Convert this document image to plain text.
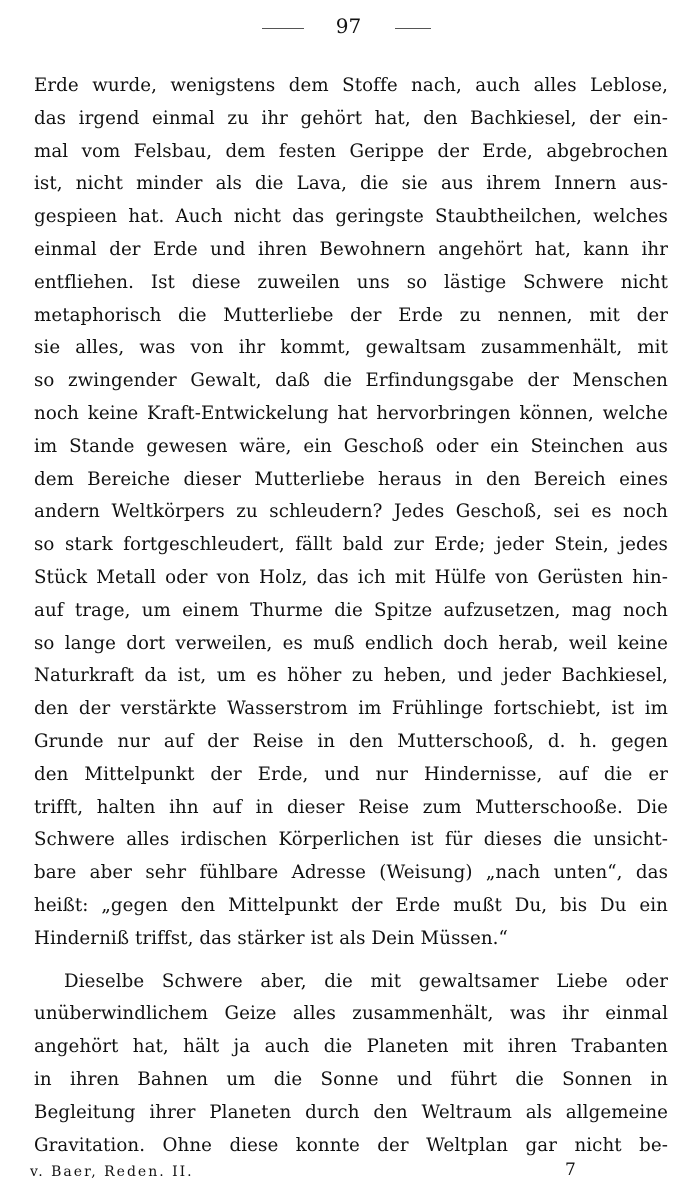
97
Erde wurde, wenigstens dem Stoffe nach, auch alles Leblose,
das irgend einmal zu ihr gehört hat, den Bachkiesel, der ein-
mal vom Felsbau, dem festen Gerippe der Erde, abgebrochen
ist, nicht minder als die Lava, die sie aus ihrem Innern aus-
gespieen hat. Auch nicht das geringste Staubtheilchen, welches
einmal der Erde und ihren Bewohnern angehört hat, kann ihr
entfliehen. Ist diese zuweilen uns so lästige Schwere nicht
metaphorisch die Mutterliebe der Erde zu nennen, mit der
sie alles, was von ihr kommt, gewaltsam zusammenhält, mit
so zwingender Gewalt, daß die Erfindungsgabe der Menschen
noch keine Kraft-Entwickelung hat hervorbringen können, welche
im Stande gewesen wäre, ein Geschoß oder ein Steinchen aus
dem Bereiche dieser Mutterliebe heraus in den Bereich eines
andern Weltkörpers zu schleudern? Jedes Geschoß, sei es noch
so stark fortgeschleudert, fällt bald zur Erde; jeder Stein, jedes
Stück Metall oder von Holz, das ich mit Hülfe von Gerüsten hin-
auf trage, um einem Thurme die Spitze aufzusetzen, mag noch
so lange dort verweilen, es muß endlich doch herab, weil keine
Naturkraft da ist, um es höher zu heben, und jeder Bachkiesel,
den der verstärkte Wasserstrom im Frühlinge fortschiebt, ist im
Grunde nur auf der Reise in den Mutterschooß, d. h. gegen
den Mittelpunkt der Erde, und nur Hindernisse, auf die er
trifft, halten ihn auf in dieser Reise zum Mutterschooße. Die
Schwere alles irdischen Körperlichen ist für dieses die unsicht-
bare aber sehr fühlbare Adresse (Weisung) „nach unten“, das
heißt: „gegen den Mittelpunkt der Erde mußt Du, bis Du ein
Hinderniß triffst, das stärker ist als Dein Müssen.“
Dieselbe Schwere aber, die mit gewaltsamer Liebe oder
unüberwindlichem Geize alles zusammenhält, was ihr einmal
angehört hat, hält ja auch die Planeten mit ihren Trabanten
in ihren Bahnen um die Sonne und führt die Sonnen in
Begleitung ihrer Planeten durch den Weltraum als allgemeine
Gravitation. Ohne diese konnte der Weltplan gar nicht be-
v. Baer, Reden. II.	7
